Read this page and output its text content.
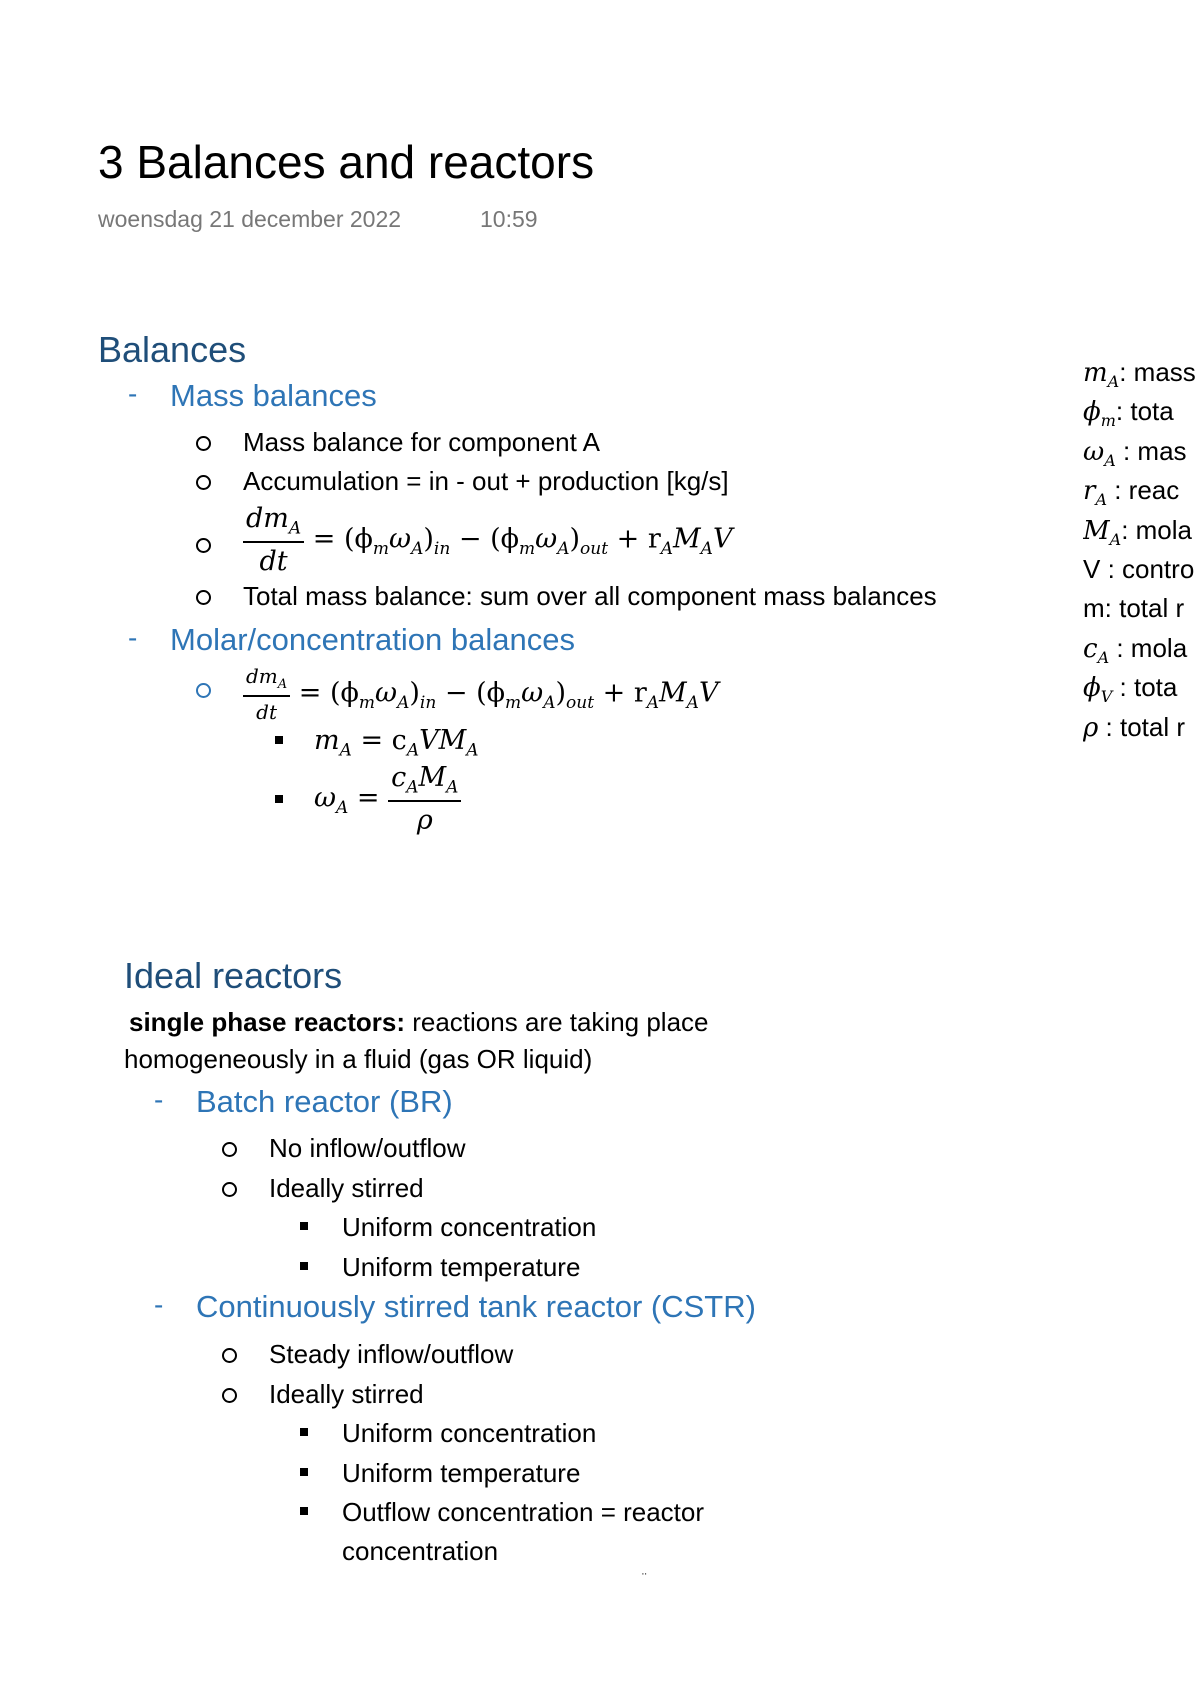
3 Balances and reactors
woensdag 21 december 2022	10:59
Balances
- Mass balances
Mass balance for component A
Accumulation = in - out + production [kg/s]
$\frac{dm_A}{dt} = (\phi_m\omega_A)_{in} - (\phi_m\omega_A)_{out} + r_AM_AV$
Total mass balance: sum over all component mass balances
- Molar/concentration balances
$\frac{dm_A}{dt} = (\phi_m\omega_A)_{in} - (\phi_m\omega_A)_{out} + r_AM_AV$
$m_A = c_AVM_A$
$\omega_A = \frac{c_AM_A}{\rho}$
$m_A$: mass
$\phi_m$: tota
$\omega_A$ : mas
$r_A$ : reac
$M_A$: mola
V : contro
m: total r
$c_A$ : mola
$\phi_V$ : tota
ρ : total r
Ideal reactors
single phase reactors: reactions are taking place
homogeneously in a fluid (gas OR liquid)
- Batch reactor (BR)
No inflow/outflow
Ideally stirred
Uniform concentration
Uniform temperature
- Continuously stirred tank reactor (CSTR)
Steady inflow/outflow
Ideally stirred
Uniform concentration
Uniform temperature
Outflow concentration = reactor
concentration
¨
